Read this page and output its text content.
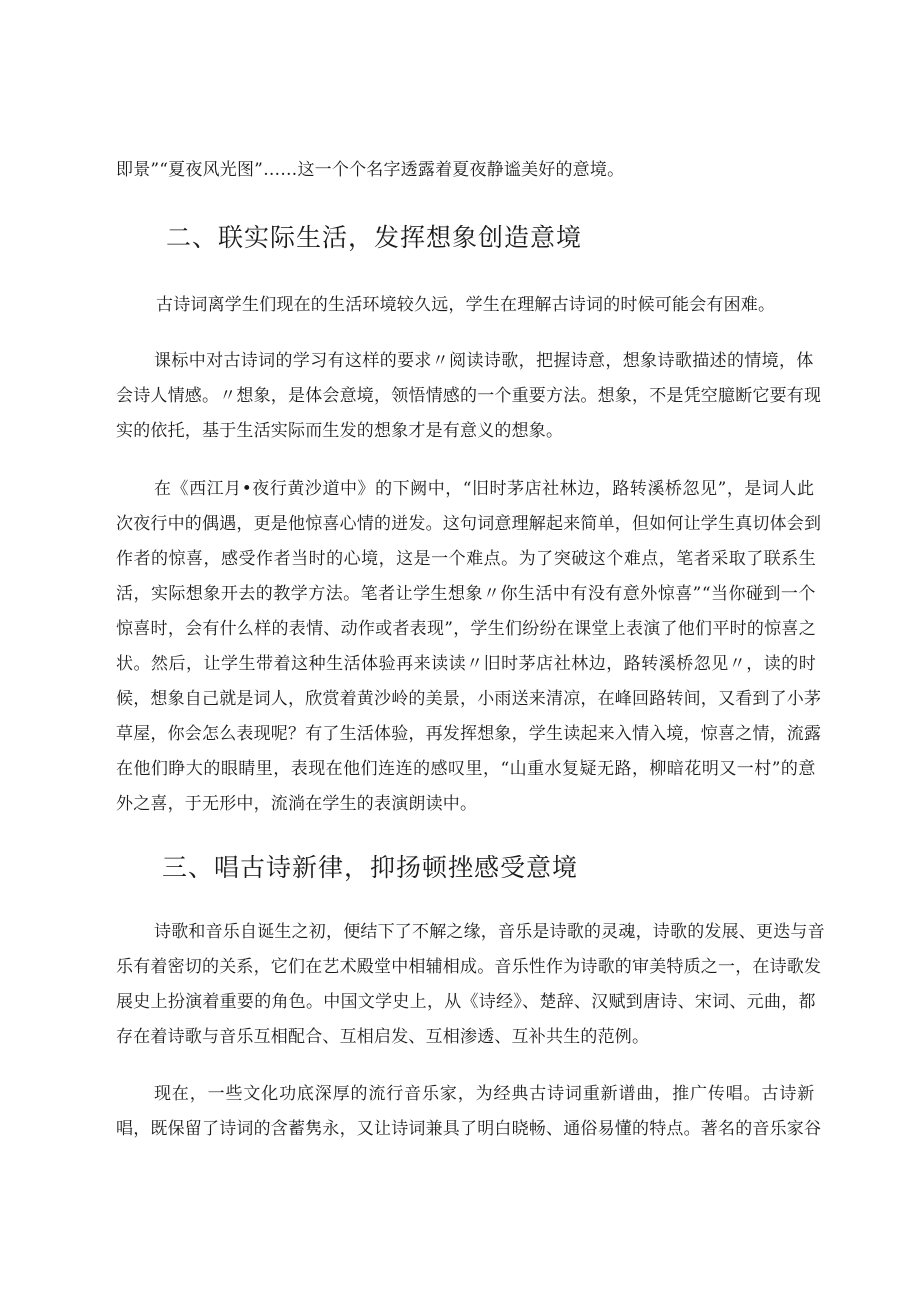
即景”“夏夜风光图”……这一个个名字透露着夏夜静谧美好的意境。
二、联实际生活，发挥想象创造意境
古诗词离学生们现在的生活环境较久远，学生在理解古诗词的时候可能会有困难。
课标中对古诗词的学习有这样的要求〃阅读诗歌，把握诗意，想象诗歌描述的情境，体
会诗人情感。〃想象，是体会意境，领悟情感的一个重要方法。想象，不是凭空臆断它要有现
实的依托，基于生活实际而生发的想象才是有意义的想象。
在《西江月•夜行黄沙道中》的下阙中，“旧时茅店社林边，路转溪桥忽见”，是词人此
次夜行中的偶遇，更是他惊喜心情的迸发。这句词意理解起来简单，但如何让学生真切体会到
作者的惊喜，感受作者当时的心境，这是一个难点。为了突破这个难点，笔者采取了联系生
活，实际想象开去的教学方法。笔者让学生想象〃你生活中有没有意外惊喜”“当你碰到一个
惊喜时，会有什么样的表情、动作或者表现”，学生们纷纷在课堂上表演了他们平时的惊喜之
状。然后，让学生带着这种生活体验再来读读〃旧时茅店社林边，路转溪桥忽见〃，读的时
候，想象自己就是词人，欣赏着黄沙岭的美景，小雨送来清凉，在峰回路转间，又看到了小茅
草屋，你会怎么表现呢？有了生活体验，再发挥想象，学生读起来入情入境，惊喜之情，流露
在他们睁大的眼睛里，表现在他们连连的感叹里，“山重水复疑无路，柳暗花明又一村”的意
外之喜，于无形中，流淌在学生的表演朗读中。
三、唱古诗新律，抑扬顿挫感受意境
诗歌和音乐自诞生之初，便结下了不解之缘，音乐是诗歌的灵魂，诗歌的发展、更迭与音
乐有着密切的关系，它们在艺术殿堂中相辅相成。音乐性作为诗歌的审美特质之一，在诗歌发
展史上扮演着重要的角色。中国文学史上，从《诗经》、楚辞、汉赋到唐诗、宋词、元曲，都
存在着诗歌与音乐互相配合、互相启发、互相渗透、互补共生的范例。
现在，一些文化功底深厚的流行音乐家，为经典古诗词重新谱曲，推广传唱。古诗新
唱，既保留了诗词的含蓄隽永，又让诗词兼具了明白晓畅、通俗易懂的特点。著名的音乐家谷
